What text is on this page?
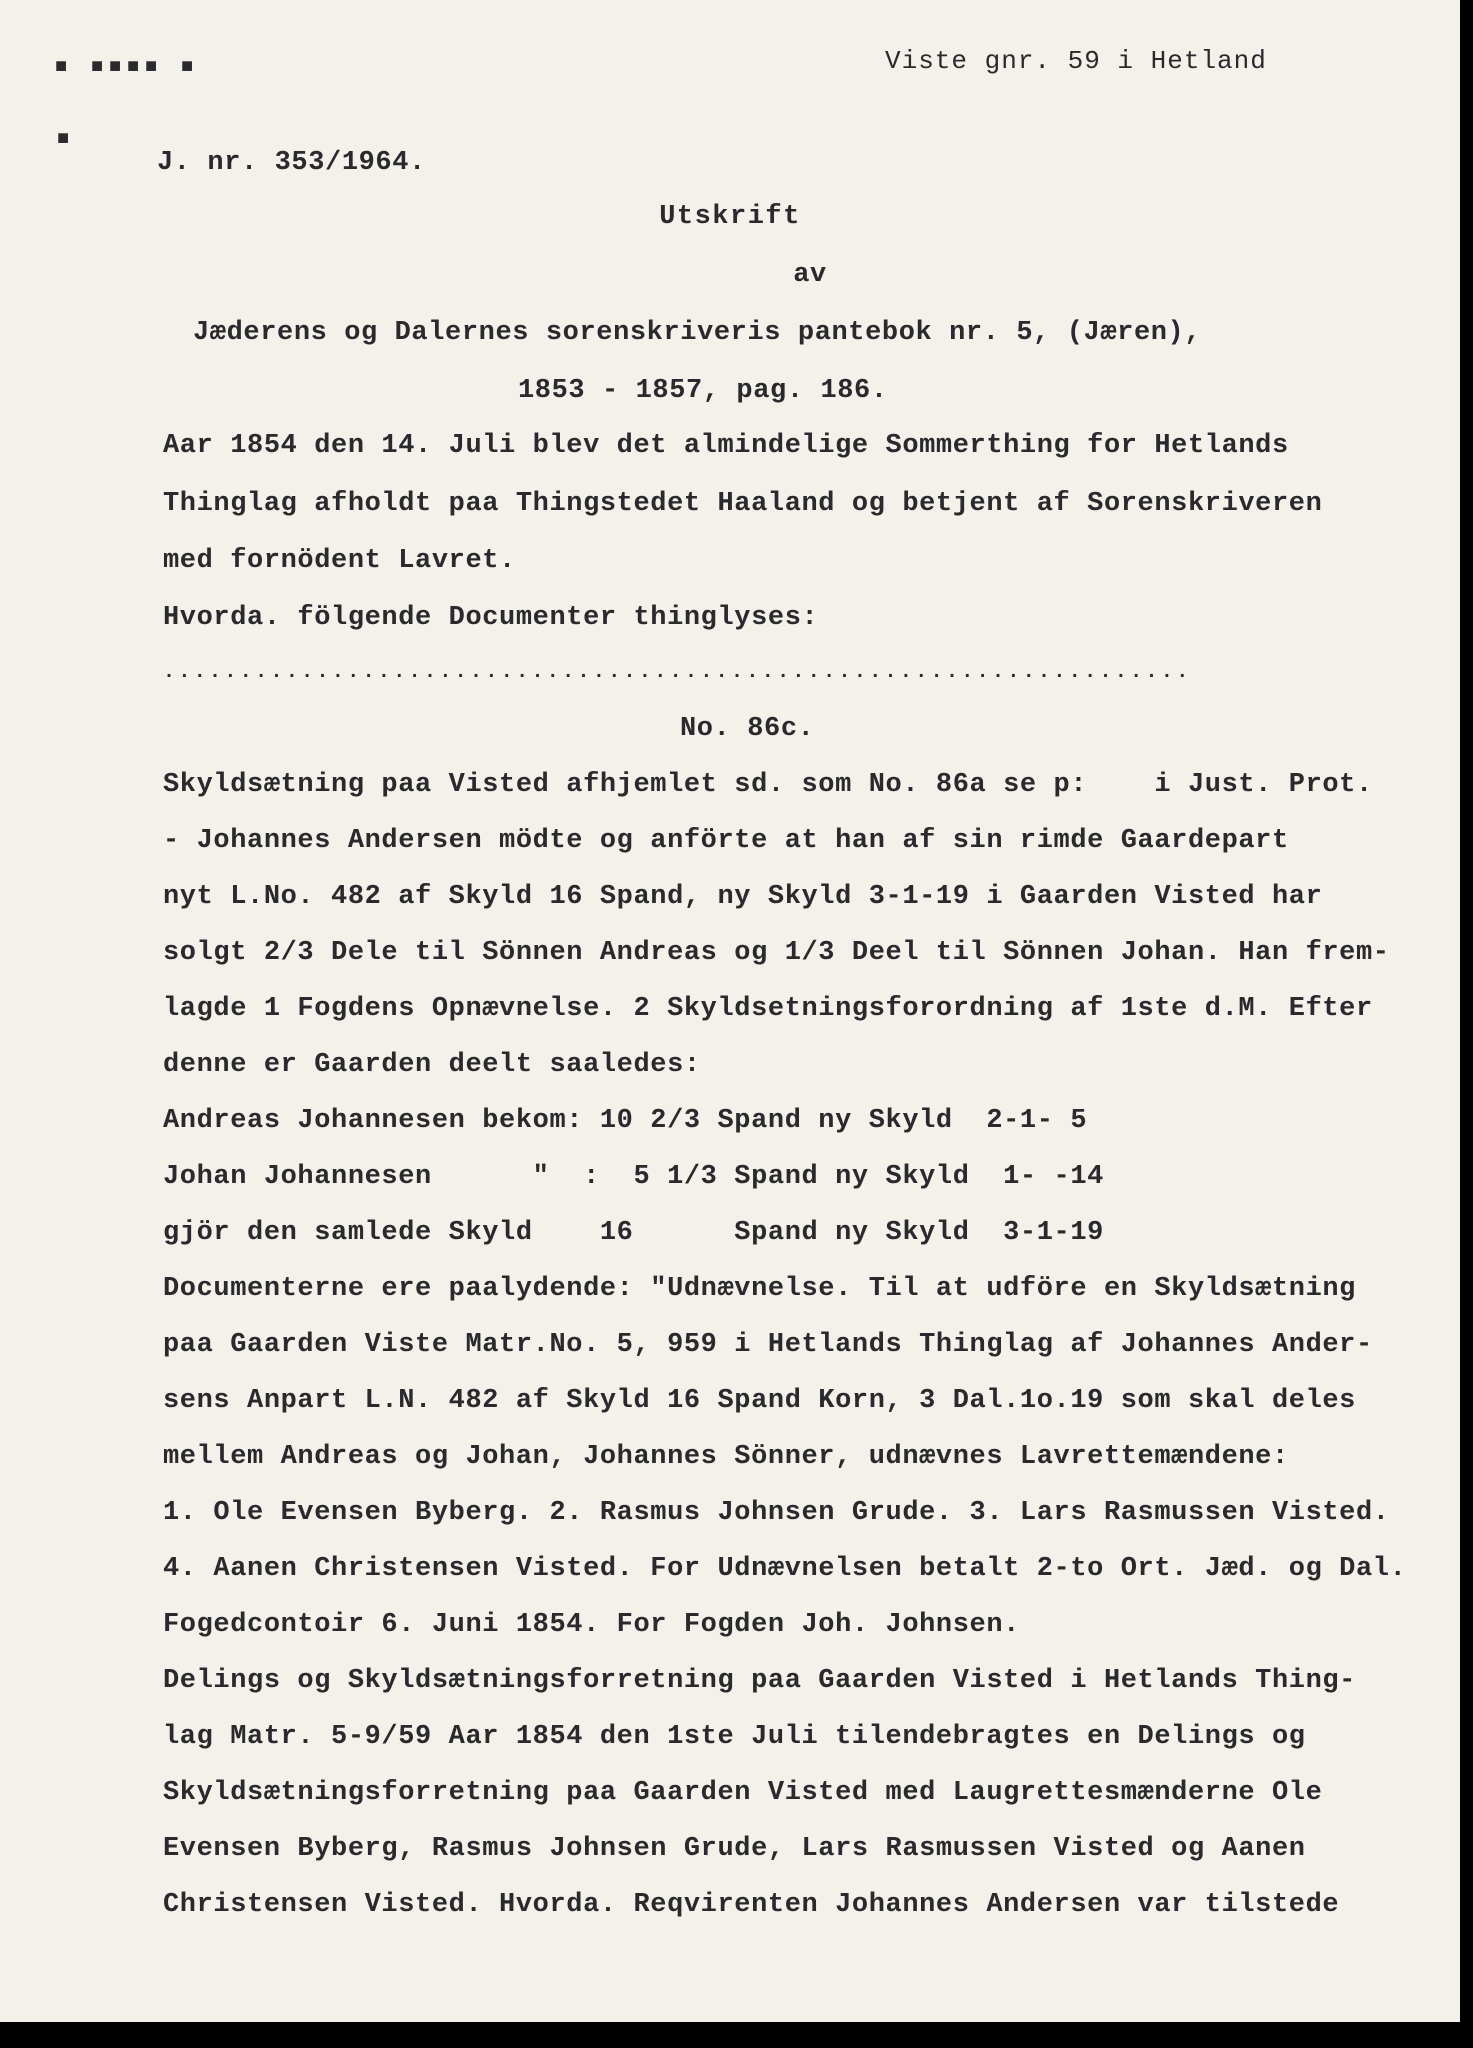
■ ■■■■ ■
■
Viste gnr. 59 i Hetland
J. nr. 353/1964.
Utskrift
av
Jæderens og Dalernes sorenskriveris pantebok nr. 5, (Jæren),
1853 - 1857, pag. 186.
Aar 1854 den 14. Juli blev det almindelige Sommerthing for Hetlands
Thinglag afholdt paa Thingstedet Haaland og betjent af Sorenskriveren
med fornödent Lavret.
Hvorda. fölgende Documenter thinglyses:
...................................................................
No. 86c.
Skyldsætning paa Visted afhjemlet sd. som No. 86a se p:    i Just. Prot.
- Johannes Andersen mödte og anförte at han af sin rimde Gaardepart
nyt L.No. 482 af Skyld 16 Spand, ny Skyld 3-1-19 i Gaarden Visted har
solgt 2/3 Dele til Sönnen Andreas og 1/3 Deel til Sönnen Johan. Han frem-
lagde 1 Fogdens Opnævnelse. 2 Skyldsetningsforordning af 1ste d.M. Efter
denne er Gaarden deelt saaledes:
Andreas Johannesen bekom: 10 2/3 Spand ny Skyld  2-1- 5
Johan Johannesen      "  :  5 1/3 Spand ny Skyld  1- -14
gjör den samlede Skyld    16      Spand ny Skyld  3-1-19
Documenterne ere paalydende: "Udnævnelse. Til at udföre en Skyldsætning
paa Gaarden Viste Matr.No. 5, 959 i Hetlands Thinglag af Johannes Ander-
sens Anpart L.N. 482 af Skyld 16 Spand Korn, 3 Dal.1o.19 som skal deles
mellem Andreas og Johan, Johannes Sönner, udnævnes Lavrettemændene:
1. Ole Evensen Byberg. 2. Rasmus Johnsen Grude. 3. Lars Rasmussen Visted.
4. Aanen Christensen Visted. For Udnævnelsen betalt 2-to Ort. Jæd. og Dal.
Fogedcontoir 6. Juni 1854. For Fogden Joh. Johnsen.
Delings og Skyldsætningsforretning paa Gaarden Visted i Hetlands Thing-
lag Matr. 5-9/59 Aar 1854 den 1ste Juli tilendebragtes en Delings og
Skyldsætningsforretning paa Gaarden Visted med Laugrettesmænderne Ole
Evensen Byberg, Rasmus Johnsen Grude, Lars Rasmussen Visted og Aanen
Christensen Visted. Hvorda. Reqvirenten Johannes Andersen var tilstede
